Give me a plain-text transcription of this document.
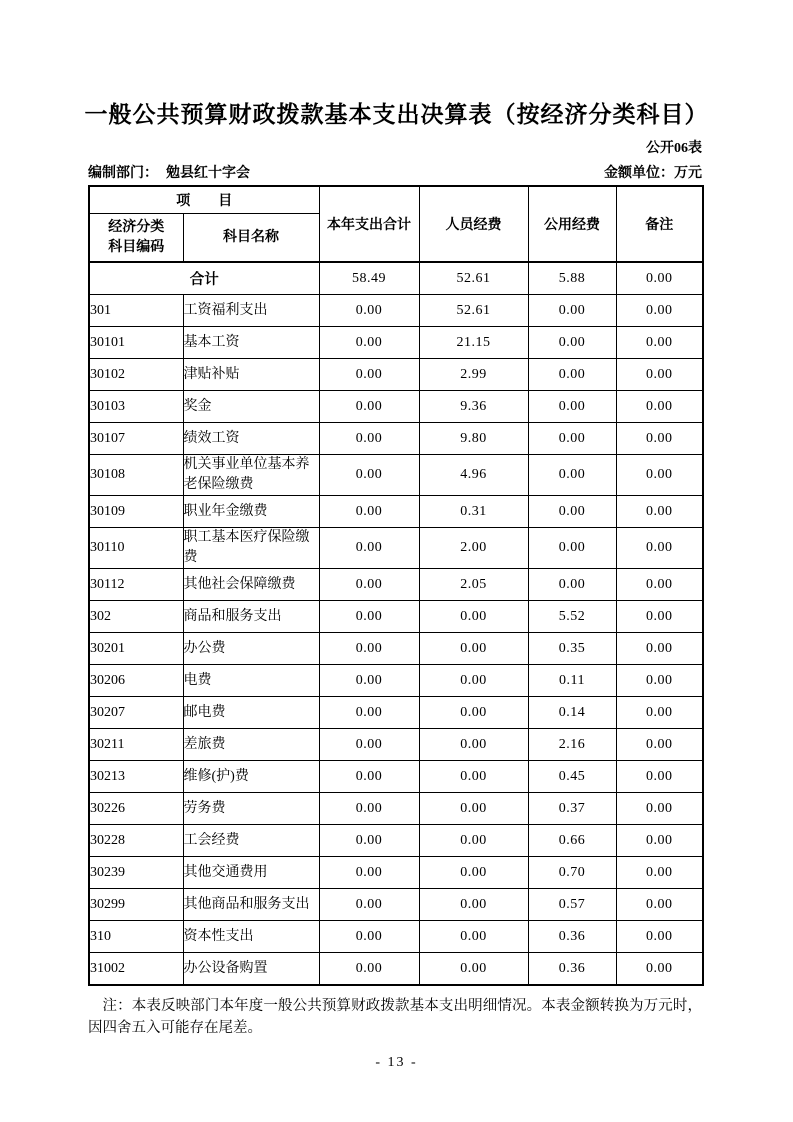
一般公共预算财政拨款基本支出决算表（按经济分类科目）
公开06表
编制部门： 勉县红十字会	金额单位：万元
项　　目		本年支出合计	人员经费	公用经费	备注
经济分类
科目编码	科目名称				
合计		58.49	52.61	5.88	0.00
301	工资福利支出	0.00	52.61	0.00	0.00
30101	基本工资	0.00	21.15	0.00	0.00
30102	津贴补贴	0.00	2.99	0.00	0.00
30103	奖金	0.00	9.36	0.00	0.00
30107	绩效工资	0.00	9.80	0.00	0.00
30108	机关事业单位基本养老保险缴费	0.00	4.96	0.00	0.00
30109	职业年金缴费	0.00	0.31	0.00	0.00
30110	职工基本医疗保险缴费	0.00	2.00	0.00	0.00
30112	其他社会保障缴费	0.00	2.05	0.00	0.00
302	商品和服务支出	0.00	0.00	5.52	0.00
30201	办公费	0.00	0.00	0.35	0.00
30206	电费	0.00	0.00	0.11	0.00
30207	邮电费	0.00	0.00	0.14	0.00
30211	差旅费	0.00	0.00	2.16	0.00
30213	维修(护)费	0.00	0.00	0.45	0.00
30226	劳务费	0.00	0.00	0.37	0.00
30228	工会经费	0.00	0.00	0.66	0.00
30239	其他交通费用	0.00	0.00	0.70	0.00
30299	其他商品和服务支出	0.00	0.00	0.57	0.00
310	资本性支出	0.00	0.00	0.36	0.00
31002	办公设备购置	0.00	0.00	0.36	0.00

注：本表反映部门本年度一般公共预算财政拨款基本支出明细情况。本表金额转换为万元时，因四舍五入可能存在尾差。

- 13 -
